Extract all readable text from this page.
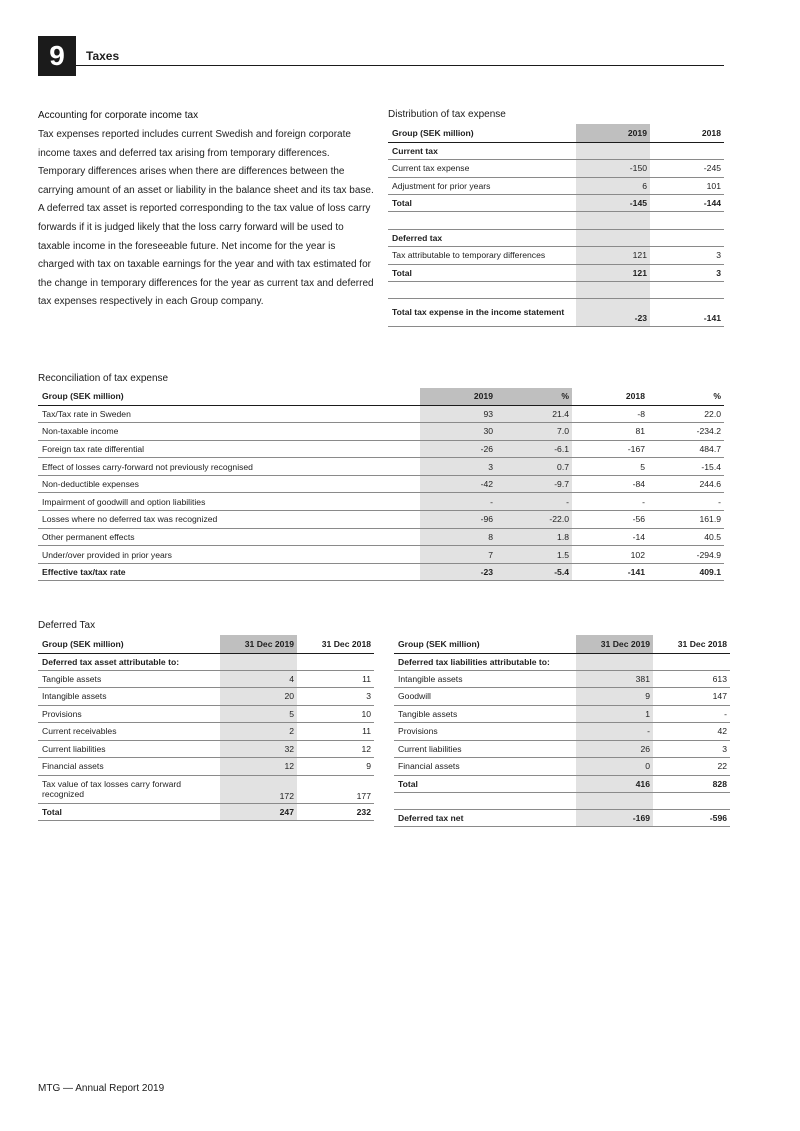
9	Taxes
Accounting for corporate income tax

Tax expenses reported includes current Swedish and foreign corporate income taxes and deferred tax arising from temporary differences. Temporary differences arises when there are differences between the carrying amount of an asset or liability in the balance sheet and its tax base. A deferred tax asset is reported corresponding to the tax value of loss carry forwards if it is judged likely that the loss carry forward will be used to taxable income in the foreseeable future. Net income for the year is charged with tax on taxable earnings for the year and with tax estimated for the change in temporary differences for the year as current tax and deferred tax expenses respectively in each Group company.

Distribution of tax expense
Group (SEK million)	2019	2018
Current tax		
Current tax expense	-150	-245
Adjustment for prior years	6	101
Total	-145	-144

Deferred tax		
Tax attributable to temporary differences	121	3
Total	121	3

Total tax expense in the income statement	-23	-141
Reconciliation of tax expense
Group (SEK million)	2019	%	2018	%
Tax/Tax rate in Sweden	93	21.4	-8	22.0
Non-taxable income	30	7.0	81	-234.2
Foreign tax rate differential	-26	-6.1	-167	484.7
Effect of losses carry-forward not previously recognised	3	0.7	5	-15.4
Non-deductible expenses	-42	-9.7	-84	244.6
Impairment of goodwill and option liabilities	-	-	-	-
Losses where no deferred tax was recognized	-96	-22.0	-56	161.9
Other permanent effects	8	1.8	-14	40.5
Under/over provided in prior years	7	1.5	102	-294.9
Effective tax/tax rate	-23	-5.4	-141	409.1
Deferred Tax
Group (SEK million)	31 Dec 2019	31 Dec 2018
Deferred tax asset attributable to:		
Tangible assets	4	11
Intangible assets	20	3
Provisions	5	10
Current receivables	2	11
Current liabilities	32	12
Financial assets	12	9
Tax value of tax losses carry forward recognized	172	177
Total	247	232
Group (SEK million)	31 Dec 2019	31 Dec 2018
Deferred tax liabilities attributable to:		
Intangible assets	381	613
Goodwill	9	147
Tangible assets	1	-
Provisions	-	42
Current liabilities	26	3
Financial assets	0	22
Total	416	828

Deferred tax net	-169	-596
MTG — Annual Report 2019
